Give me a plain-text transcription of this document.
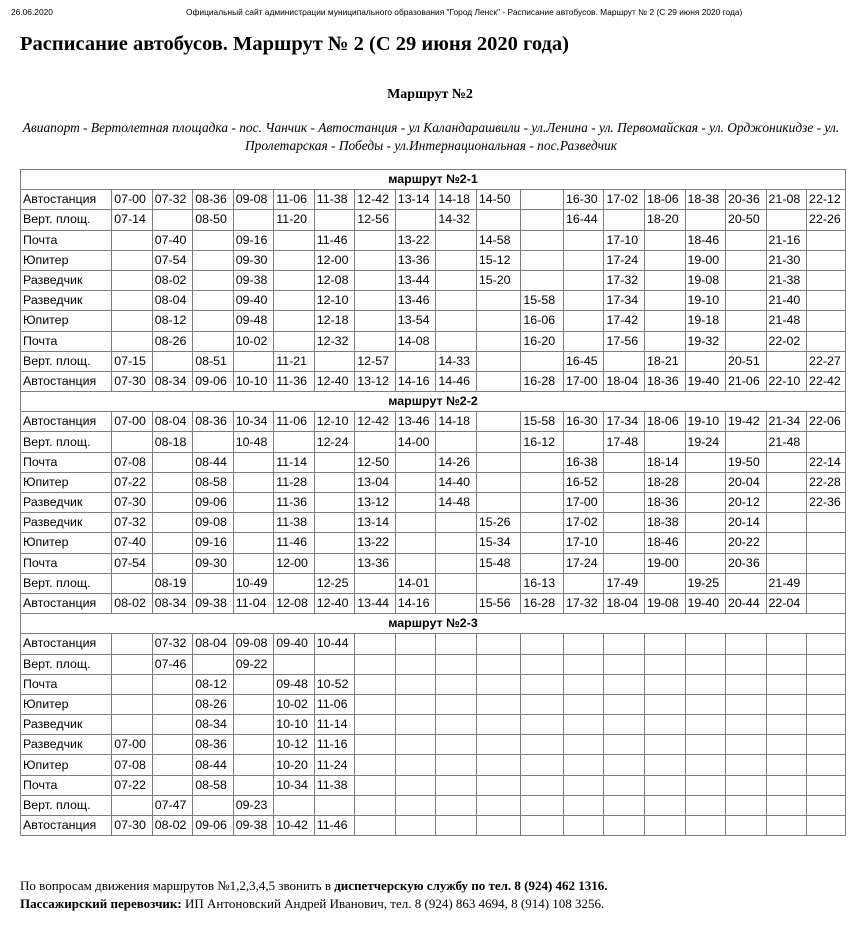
26.06.2020	Официальный сайт администрации муниципального образования "Город Ленск" - Расписание автобусов. Маршрут № 2 (С 29 июня 2020 года)
Расписание автобусов. Маршрут № 2 (С 29 июня 2020 года)
Маршрут №2
Авиапорт - Вертолетная площадка - пос. Чанчик - Автостанция - ул Каландарашвили - ул.Ленина - ул. Первомайская - ул. Орджоникидзе - ул. Пролетарская - Победы - ул.Интернациональная - пос.Разведчик
маршрут №2-1																		
Автостанция	07-00	07-32	08-36	09-08	11-06	11-38	12-42	13-14	14-18	14-50		16-30	17-02	18-06	18-38	20-36	21-08	22-12
Верт. площ.	07-14		08-50		11-20		12-56		14-32			16-44		18-20		20-50		22-26
Почта		07-40		09-16		11-46		13-22		14-58			17-10		18-46		21-16	
Юпитер		07-54		09-30		12-00		13-36		15-12			17-24		19-00		21-30	
Разведчик		08-02		09-38		12-08		13-44		15-20			17-32		19-08		21-38	
Разведчик		08-04		09-40		12-10		13-46			15-58		17-34		19-10		21-40	
Юпитер		08-12		09-48		12-18		13-54			16-06		17-42		19-18		21-48	
Почта		08-26		10-02		12-32		14-08			16-20		17-56		19-32		22-02	
Верт. площ.	07-15		08-51		11-21		12-57		14-33			16-45		18-21		20-51		22-27
Автостанция	07-30	08-34	09-06	10-10	11-36	12-40	13-12	14-16	14-46		16-28	17-00	18-04	18-36	19-40	21-06	22-10	22-42
маршрут №2-2																		
Автостанция	07-00	08-04	08-36	10-34	11-06	12-10	12-42	13-46	14-18		15-58	16-30	17-34	18-06	19-10	19-42	21-34	22-06
Верт. площ.		08-18		10-48		12-24		14-00			16-12		17-48		19-24		21-48	
Почта	07-08		08-44		11-14		12-50		14-26			16-38		18-14		19-50		22-14
Юпитер	07-22		08-58		11-28		13-04		14-40			16-52		18-28		20-04		22-28
Разведчик	07-30		09-06		11-36		13-12		14-48			17-00		18-36		20-12		22-36
Разведчик	07-32		09-08		11-38		13-14			15-26		17-02		18-38		20-14		
Юпитер	07-40		09-16		11-46		13-22			15-34		17-10		18-46		20-22		
Почта	07-54		09-30		12-00		13-36			15-48		17-24		19-00		20-36		
Верт. площ.		08-19		10-49		12-25		14-01			16-13		17-49		19-25		21-49	
Автостанция	08-02	08-34	09-38	11-04	12-08	12-40	13-44	14-16		15-56	16-28	17-32	18-04	19-08	19-40	20-44	22-04	
маршрут №2-3																		
Автостанция		07-32	08-04	09-08	09-40	10-44												
Верт. площ.		07-46		09-22														
Почта			08-12		09-48	10-52												
Юпитер			08-26		10-02	11-06												
Разведчик			08-34		10-10	11-14												
Разведчик	07-00		08-36		10-12	11-16												
Юпитер	07-08		08-44		10-20	11-24												
Почта	07-22		08-58		10-34	11-38												
Верт. площ.		07-47		09-23														
Автостанция	07-30	08-02	09-06	09-38	10-42	11-46												
По вопросам движения маршрутов №1,2,3,4,5 звонить в диспетчерскую службу по тел. 8 (924) 462 1316.
Пассажирский перевозчик: ИП Антоновский Андрей Иванович, тел. 8 (924) 863 4694, 8 (914) 108 3256.
